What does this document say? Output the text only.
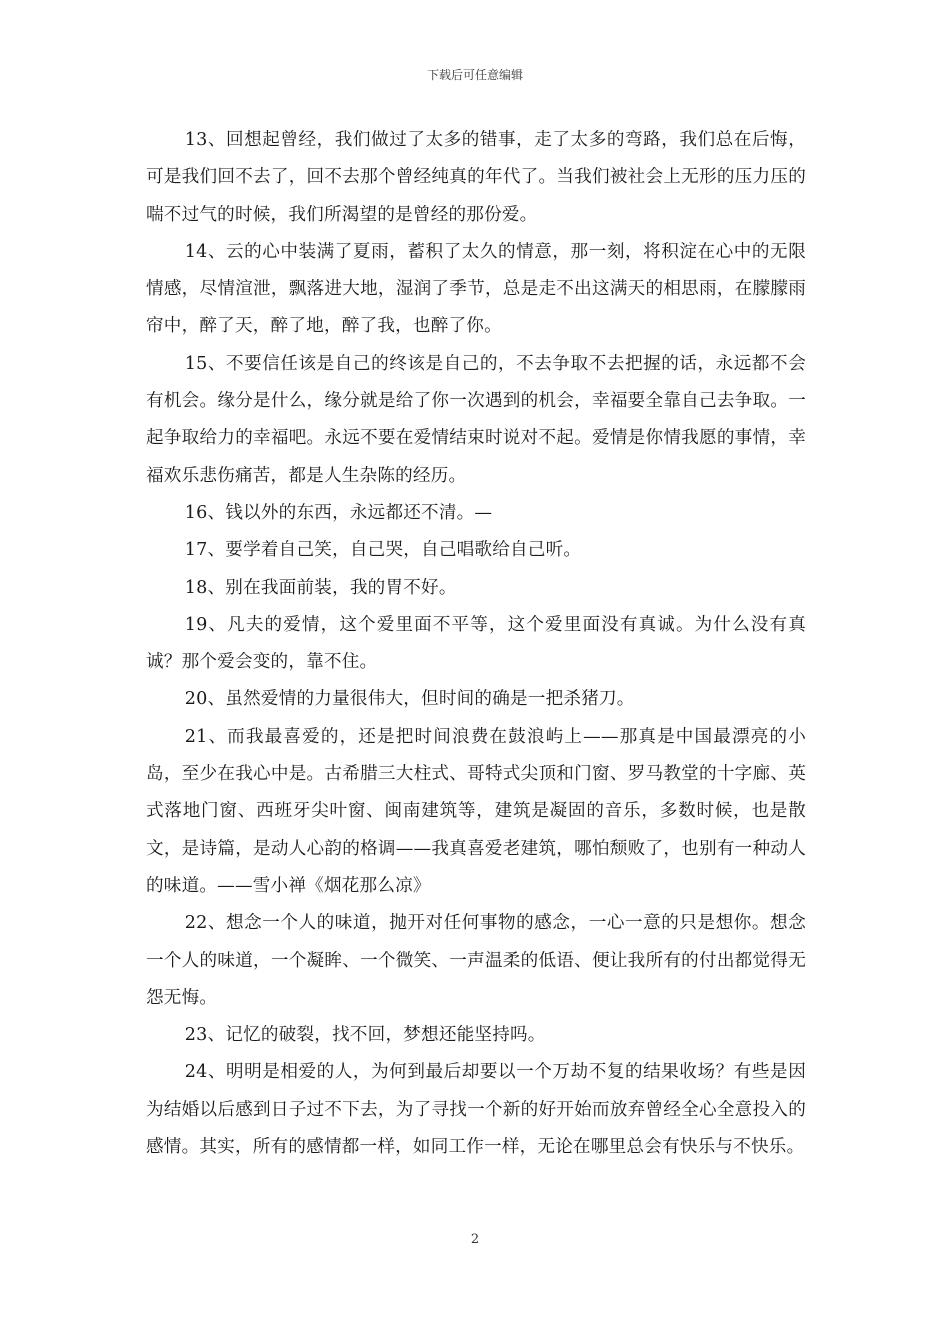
下载后可任意编辑

13、回想起曾经，我们做过了太多的错事，走了太多的弯路，我们总在后悔，可是我们回不去了，回不去那个曾经纯真的年代了。当我们被社会上无形的压力压的喘不过气的时候，我们所渴望的是曾经的那份爱。

14、云的心中装满了夏雨，蓄积了太久的情意，那一刻，将积淀在心中的无限情感，尽情渲泄，飘落进大地，湿润了季节，总是走不出这满天的相思雨，在朦朦雨帘中，醉了天，醉了地，醉了我，也醉了你。

15、不要信任该是自己的终该是自己的，不去争取不去把握的话，永远都不会有机会。缘分是什么，缘分就是给了你一次遇到的机会，幸福要全靠自己去争取。一起争取给力的幸福吧。永远不要在爱情结束时说对不起。爱情是你情我愿的事情，幸福欢乐悲伤痛苦，都是人生杂陈的经历。

16、钱以外的东西，永远都还不清。—

17、要学着自己笑，自己哭，自己唱歌给自己听。

18、别在我面前装，我的胃不好。

19、凡夫的爱情，这个爱里面不平等，这个爱里面没有真诚。为什么没有真诚？那个爱会变的，靠不住。

20、虽然爱情的力量很伟大，但时间的确是一把杀猪刀。

21、而我最喜爱的，还是把时间浪费在鼓浪屿上——那真是中国最漂亮的小岛，至少在我心中是。古希腊三大柱式、哥特式尖顶和门窗、罗马教堂的十字廊、英式落地门窗、西班牙尖叶窗、闽南建筑等，建筑是凝固的音乐，多数时候，也是散文，是诗篇，是动人心韵的格调——我真喜爱老建筑，哪怕颓败了，也别有一种动人的味道。——雪小禅《烟花那么凉》

22、想念一个人的味道，抛开对任何事物的感念，一心一意的只是想你。想念一个人的味道，一个凝眸、一个微笑、一声温柔的低语、便让我所有的付出都觉得无怨无悔。

23、记忆的破裂，找不回，梦想还能坚持吗。

24、明明是相爱的人，为何到最后却要以一个万劫不复的结果收场？有些是因为结婚以后感到日子过不下去，为了寻找一个新的好开始而放弃曾经全心全意投入的感情。其实，所有的感情都一样，如同工作一样，无论在哪里总会有快乐与不快乐。

2
